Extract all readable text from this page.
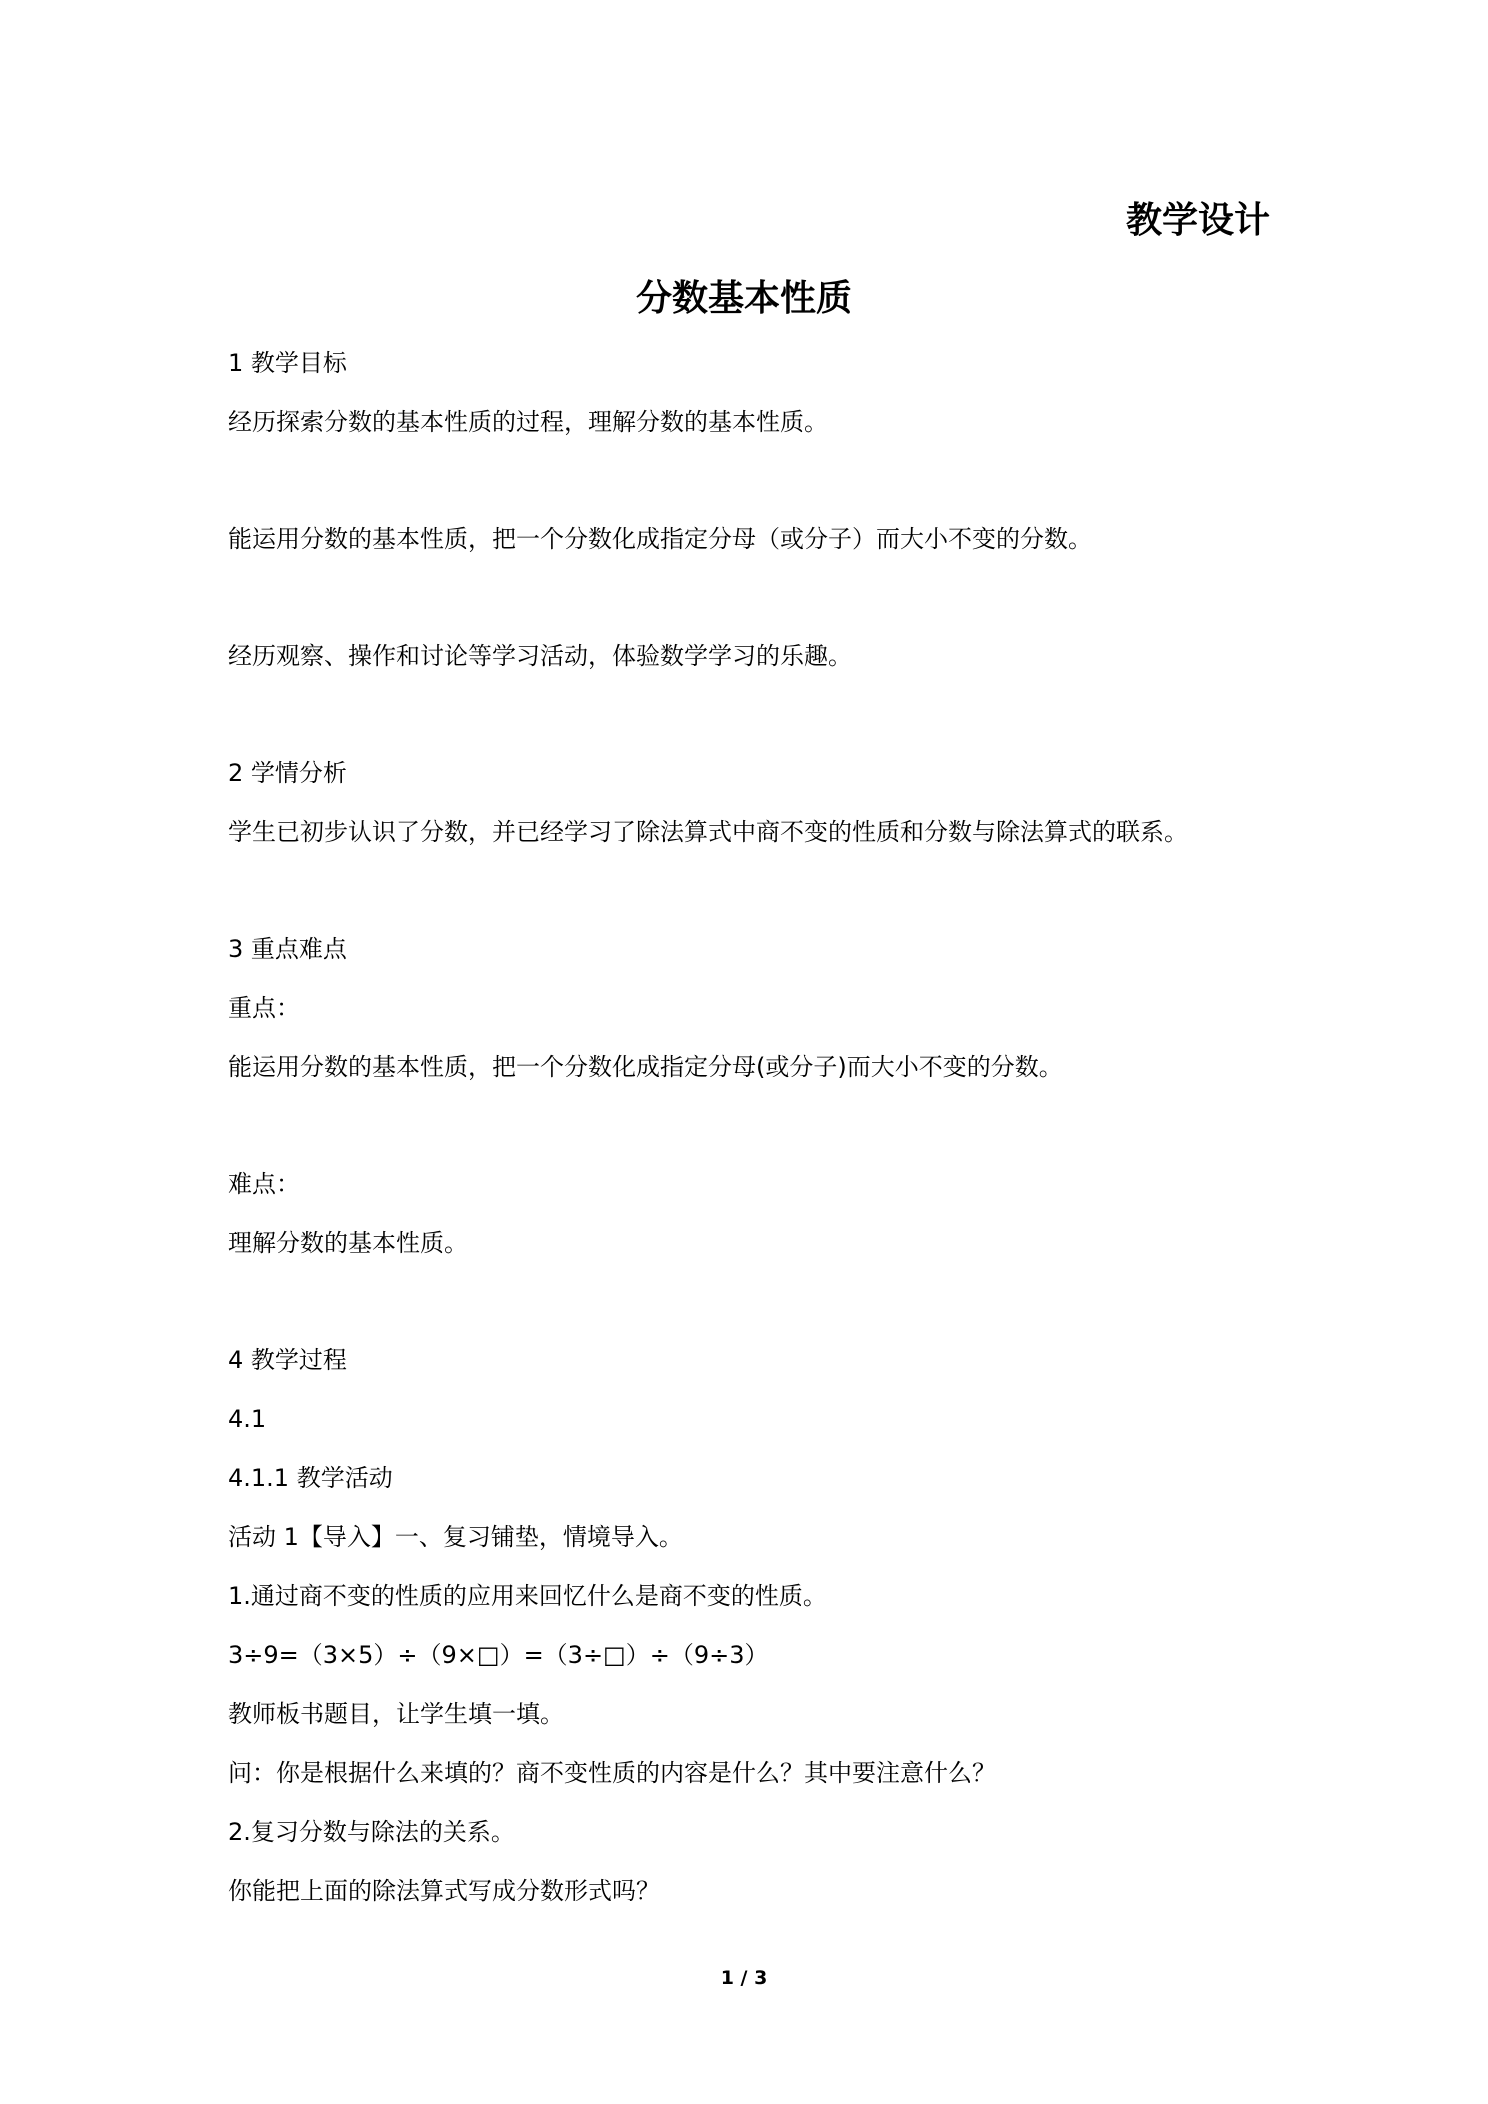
教学设计
分数基本性质

1 教学目标

经历探索分数的基本性质的过程，理解分数的基本性质。

能运用分数的基本性质，把一个分数化成指定分母（或分子）而大小不变的分数。

经历观察、操作和讨论等学习活动，体验数学学习的乐趣。

2 学情分析

学生已初步认识了分数，并已经学习了除法算式中商不变的性质和分数与除法算式的联系。

3 重点难点

重点：

能运用分数的基本性质，把一个分数化成指定分母(或分子)而大小不变的分数。

难点：

理解分数的基本性质。

4 教学过程

4.1

4.1.1 教学活动

活动 1【导入】一、复习铺垫，情境导入。

1.通过商不变的性质的应用来回忆什么是商不变的性质。

3÷9=（3×5）÷（9×□）=（3÷□）÷（9÷3）

教师板书题目，让学生填一填。

问：你是根据什么来填的？商不变性质的内容是什么？其中要注意什么？

2.复习分数与除法的关系。

你能把上面的除法算式写成分数形式吗？

1 / 3
